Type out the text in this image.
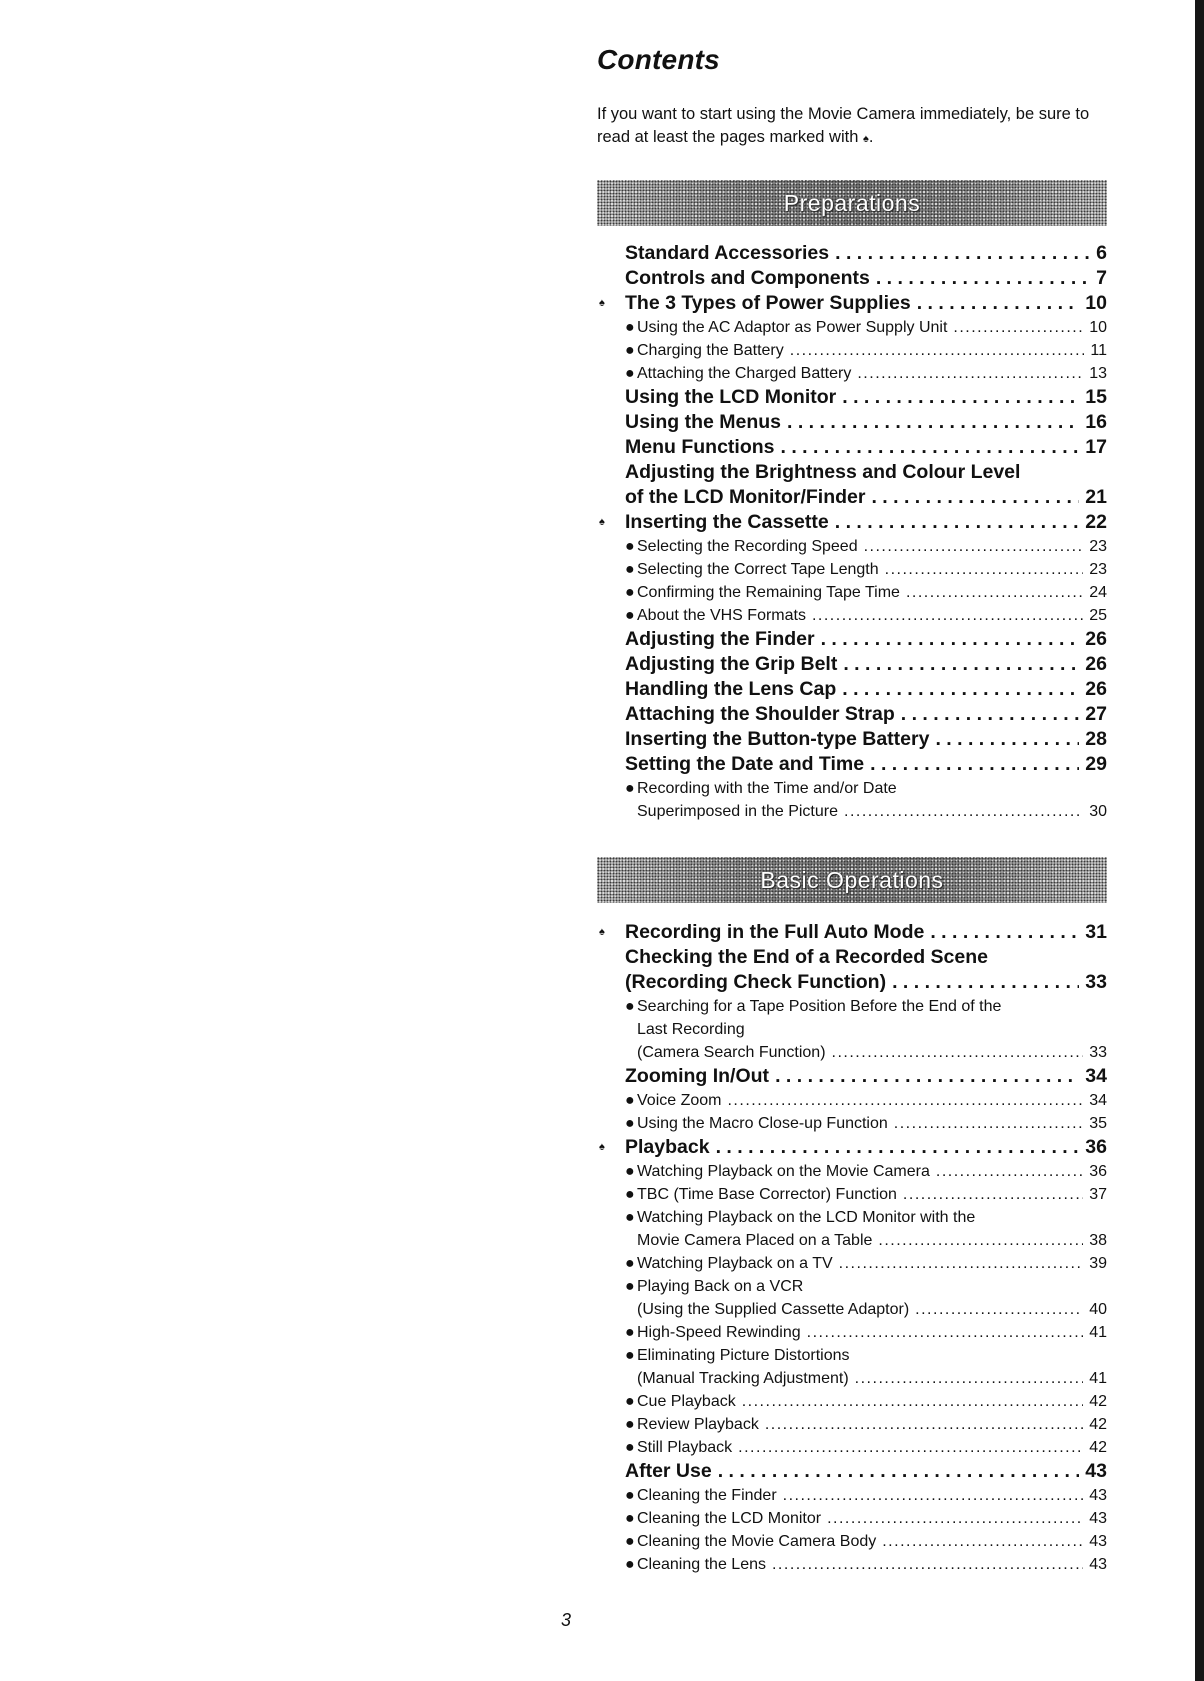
Contents
If you want to start using the Movie Camera immediately, be sure to read at least the pages marked with ♠.
Preparations
Standard Accessories . . .	6
Controls and Components . . .	7
♠ The 3 Types of Power Supplies . . .	10
● Using the AC Adaptor as Power Supply Unit .....	10
● Charging the Battery .....	11
● Attaching the Charged Battery .....	13
Using the LCD Monitor . . .	15
Using the Menus . . .	16
Menu Functions . . .	17
Adjusting the Brightness and Colour Level
of the LCD Monitor/Finder . . .	21
♠ Inserting the Cassette . . .	22
● Selecting the Recording Speed .....	23
● Selecting the Correct Tape Length .....	23
● Confirming the Remaining Tape Time .....	24
● About the VHS Formats .....	25
Adjusting the Finder . . .	26
Adjusting the Grip Belt . . .	26
Handling the Lens Cap . . .	26
Attaching the Shoulder Strap . . .	27
Inserting the Button-type Battery . . .	28
Setting the Date and Time . . .	29
● Recording with the Time and/or Date
Superimposed in the Picture .....	30
Basic Operations
♠ Recording in the Full Auto Mode . . .	31
Checking the End of a Recorded Scene
(Recording Check Function) . . .	33
● Searching for a Tape Position Before the End of the
Last Recording
(Camera Search Function) .....	33
Zooming In/Out . . .	34
● Voice Zoom .....	34
● Using the Macro Close-up Function .....	35
♠ Playback . . .	36
● Watching Playback on the Movie Camera .....	36
● TBC (Time Base Corrector) Function .....	37
● Watching Playback on the LCD Monitor with the
Movie Camera Placed on a Table .....	38
● Watching Playback on a TV .....	39
● Playing Back on a VCR
(Using the Supplied Cassette Adaptor) .....	40
● High-Speed Rewinding .....	41
● Eliminating Picture Distortions
(Manual Tracking Adjustment) .....	41
● Cue Playback .....	42
● Review Playback .....	42
● Still Playback .....	42
After Use . . .	43
● Cleaning the Finder .....	43
● Cleaning the LCD Monitor .....	43
● Cleaning the Movie Camera Body .....	43
● Cleaning the Lens .....	43
3
